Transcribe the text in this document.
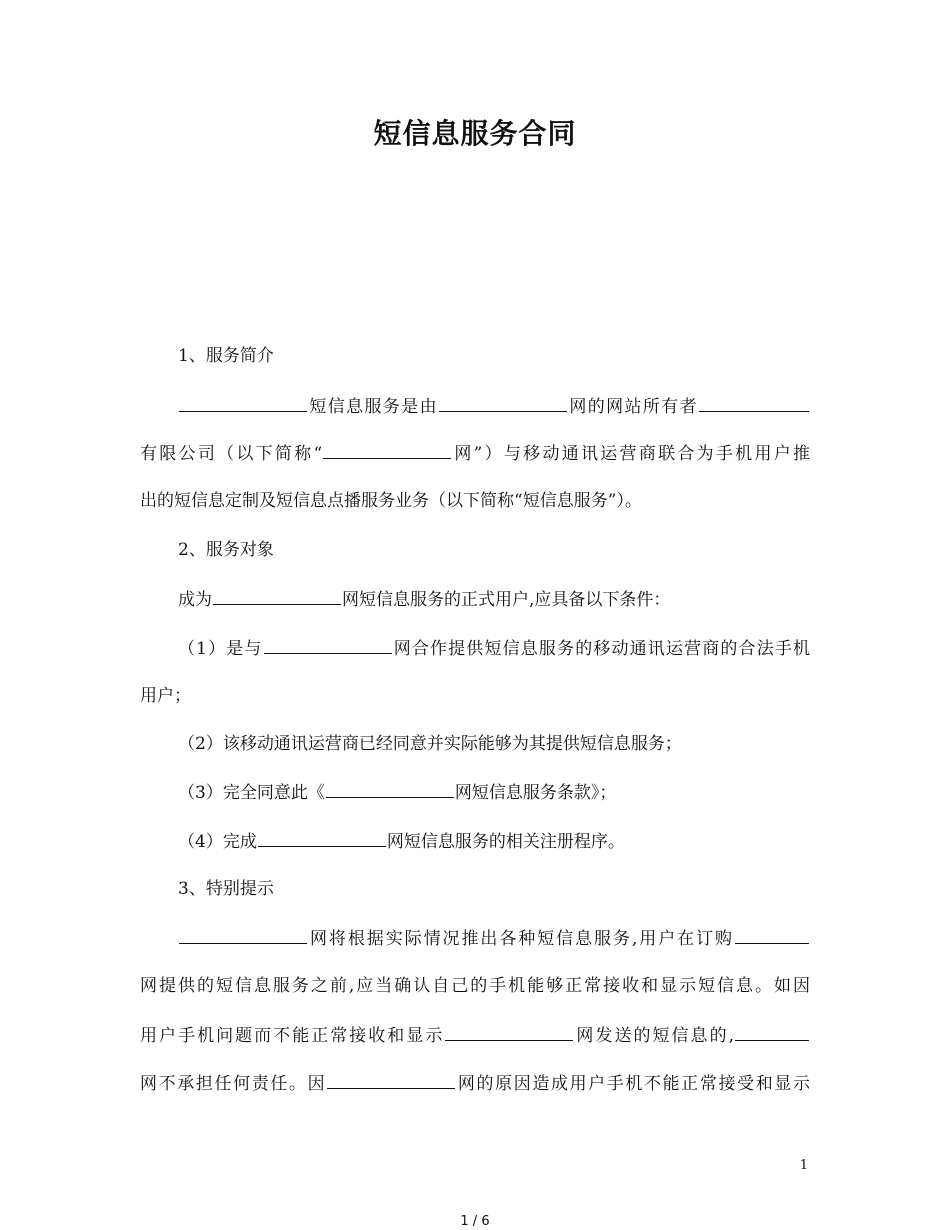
短信息服务合同

1、服务简介

短信息服务是由	网的网站所有者

有限公司（以下简称“	网”）与移动通讯运营商联合为手机用户推

出的短信息定制及短信息点播服务业务（以下简称“短信息服务”）。

2、服务对象

成为	网短信息服务的正式用户,应具备以下条件：

（1）是与	网合作提供短信息服务的移动通讯运营商的合法手机

用户；

（2）该移动通讯运营商已经同意并实际能够为其提供短信息服务；

（3）完全同意此《	网短信息服务条款》；

（4）完成	网短信息服务的相关注册程序。

3、特别提示

网将根据实际情况推出各种短信息服务,用户在订购

网提供的短信息服务之前,应当确认自己的手机能够正常接收和显示短信息。如因

用户手机问题而不能正常接收和显示	网发送的短信息的,

网不承担任何责任。因	网的原因造成用户手机不能正常接受和显示

1

1 / 6
